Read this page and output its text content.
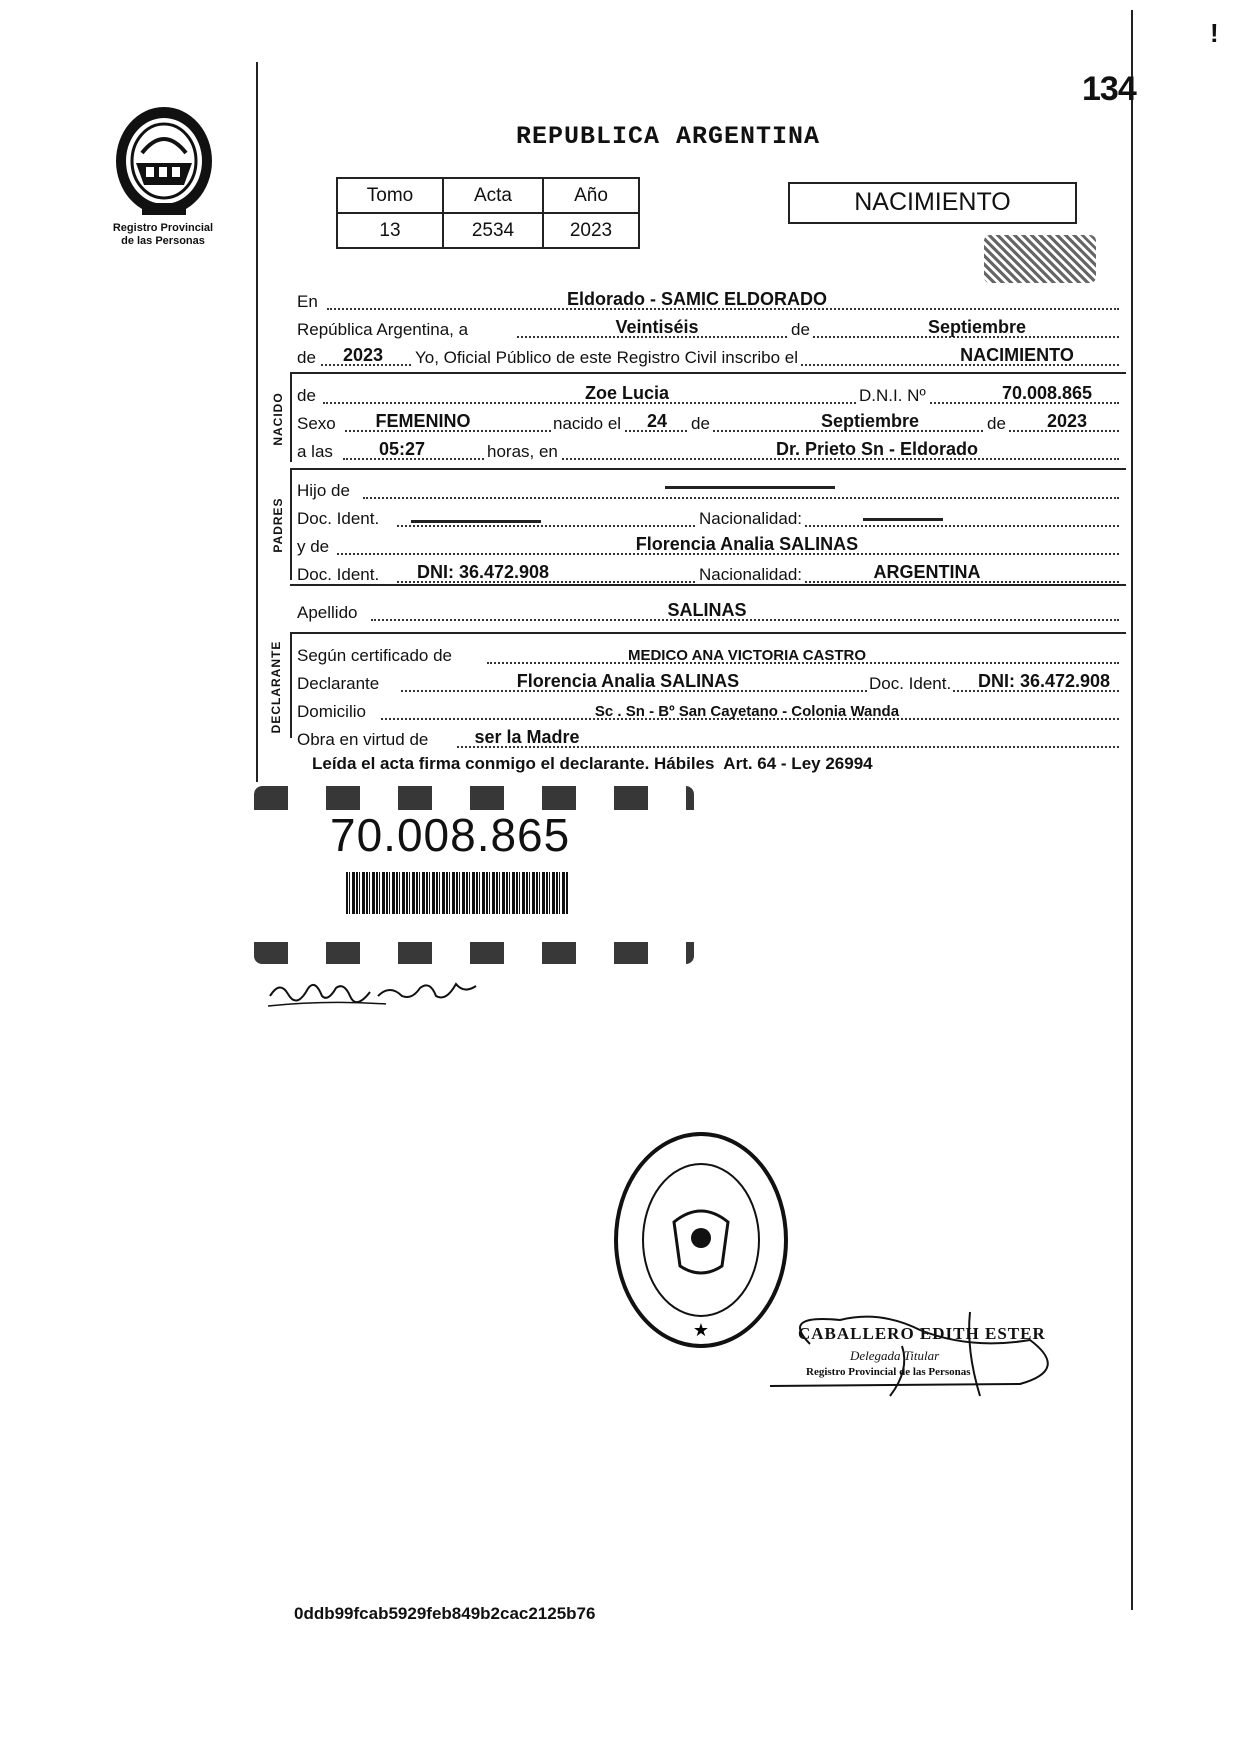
!
134
Registro Provincial
de las Personas
REPUBLICA ARGENTINA
Tomo	Acta	Año
13	2534	2023
NACIMIENTO
En	Eldorado - SAMIC ELDORADO
República Argentina, a	Veintiséis	de	Septiembre
de	2023	Yo, Oficial Público de este Registro Civil inscribo el	NACIMIENTO
NACIDO de	Zoe Lucia	D.N.I. Nº	70.008.865
Sexo	FEMENINO	nacido el	24	de	Septiembre	de	2023
a las	05:27	horas, en	Dr. Prieto Sn - Eldorado
PADRES
Hijo de
Doc. Ident.	Nacionalidad:
y de	Florencia Analia SALINAS
Doc. Ident.	DNI: 36.472.908	Nacionalidad:	ARGENTINA
Apellido	SALINAS
DECLARANTE Según certificado de	MEDICO ANA VICTORIA CASTRO
Declarante	Florencia Analia SALINAS	Doc. Ident.	DNI: 36.472.908
Domicilio	Sc . Sn - Bº San Cayetano - Colonia Wanda
Obra en virtud de	ser la Madre
Leída el acta firma conmigo el declarante. Hábiles  Art. 64 - Ley 26994
70.008.865
★	CABALLERO EDITH ESTER
Delegada Titular
Registro Provincial de las Personas
0ddb99fcab5929feb849b2cac2125b76
